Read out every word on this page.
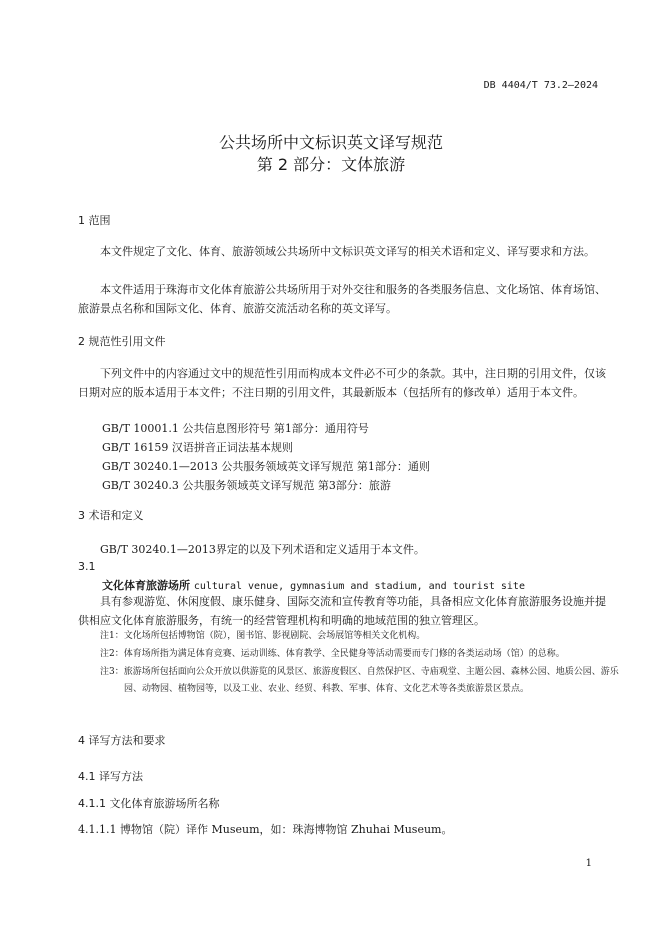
DB 4404/T 73.2—2024
公共场所中文标识英文译写规范
第 2 部分：文体旅游
1 范围
本文件规定了文化、体育、旅游领域公共场所中文标识英文译写的相关术语和定义、译写要求和方法。
本文件适用于珠海市文化体育旅游公共场所用于对外交往和服务的各类服务信息、文化场馆、体育场馆、旅游景点名称和国际文化、体育、旅游交流活动名称的英文译写。
2 规范性引用文件
下列文件中的内容通过文中的规范性引用而构成本文件必不可少的条款。其中，注日期的引用文件，仅该日期对应的版本适用于本文件；不注日期的引用文件，其最新版本（包括所有的修改单）适用于本文件。
GB/T 10001.1 公共信息图形符号 第1部分：通用符号
GB/T 16159 汉语拼音正词法基本规则
GB/T 30240.1—2013 公共服务领域英文译写规范 第1部分：通则
GB/T 30240.3 公共服务领域英文译写规范 第3部分：旅游
3 术语和定义
GB/T 30240.1—2013界定的以及下列术语和定义适用于本文件。
3.1
文化体育旅游场所 cultural venue, gymnasium and stadium, and tourist site
具有参观游览、休闲度假、康乐健身、国际交流和宣传教育等功能，具备相应文化体育旅游服务设施并提供相应文化体育旅游服务，有统一的经营管理机构和明确的地域范围的独立管理区。
注1：文化场所包括博物馆（院），图书馆、影视剧院、会场展馆等相关文化机构。
注2：体育场所指为满足体育竞赛、运动训练、体育教学、全民健身等活动需要而专门修的各类运动场（馆）的总称。
注3：旅游场所包括面向公众开放以供游览的风景区、旅游度假区、自然保护区、寺庙观堂、主题公园、森林公园、地质公园、游乐园、动物园、植物园等，以及工业、农业、经贸、科教、军事、体育、文化艺术等各类旅游景区景点。
4 译写方法和要求
4.1 译写方法
4.1.1 文化体育旅游场所名称
4.1.1.1 博物馆（院）译作 Museum，如：珠海博物馆 Zhuhai Museum。
1
